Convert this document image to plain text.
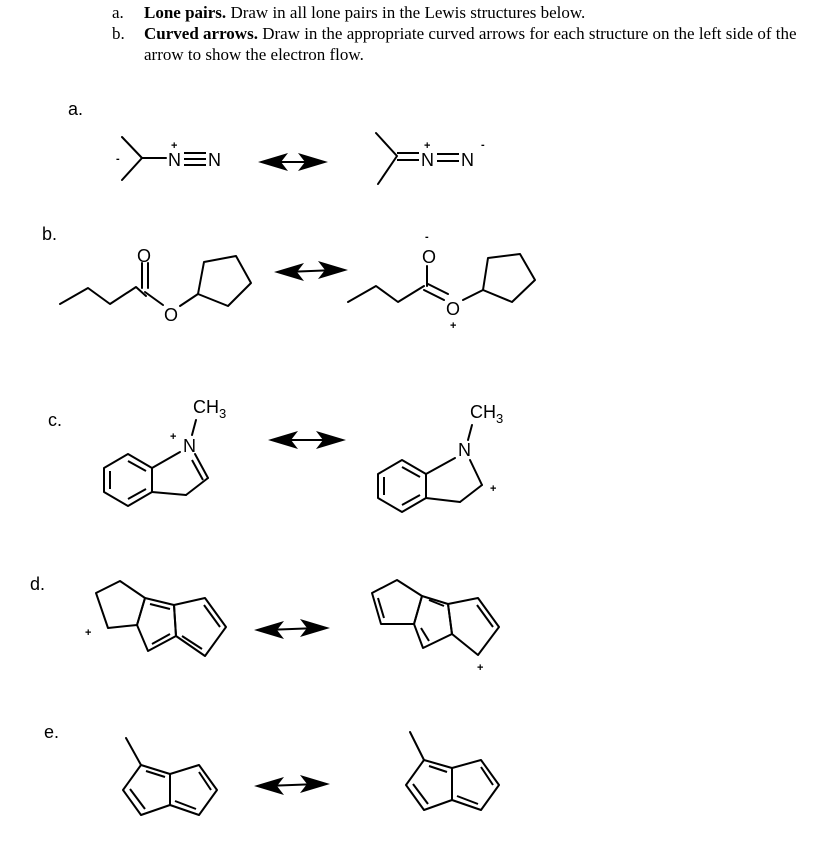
a.	Lone pairs. Draw in all lone pairs in the Lewis structures below.
b.	Curved arrows. Draw in the appropriate curved arrows for each structure on the left side of the arrow to show the electron flow.
a.
b.
c.
d.
e.
-	N
+
N	N
+
N
-
O
O
O
-
O
+
$CH_3$
N
+
$CH_3$
N
+
+
+
